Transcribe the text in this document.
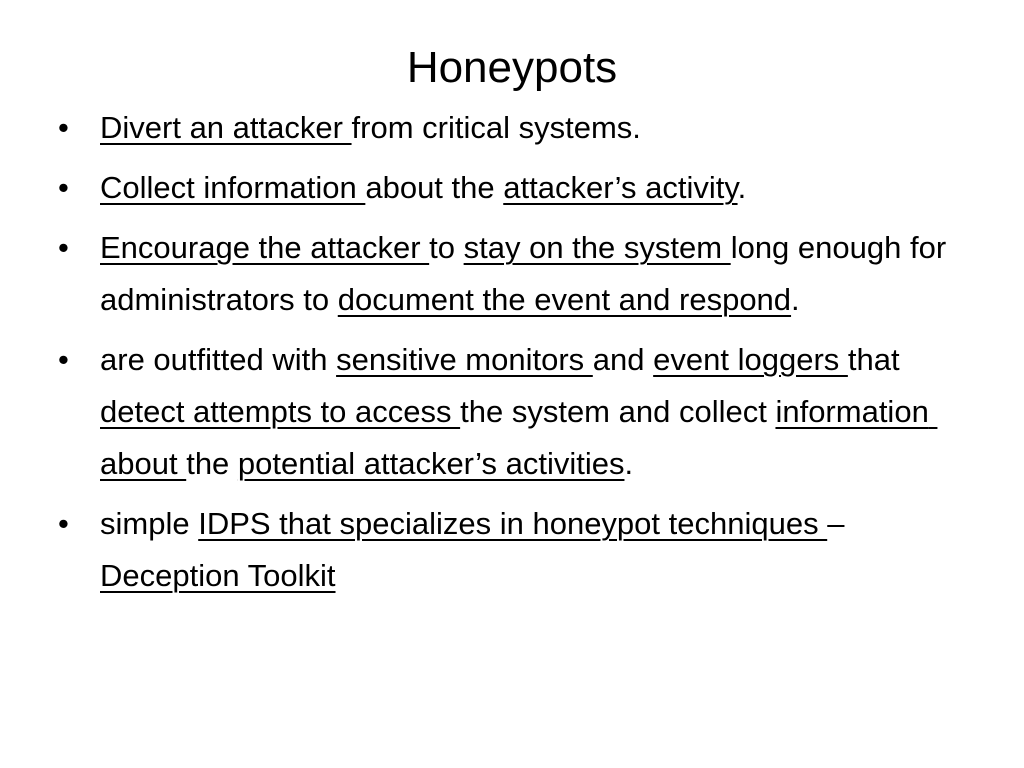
Honeypots
• Divert an attacker from critical systems.
• Collect information about the attacker’s activity.
• Encourage the attacker to stay on the system long enough for administrators to document the event and respond.
• are outfitted with sensitive monitors and event loggers that detect attempts to access the system and collect information about the potential attacker’s activities.
• simple IDPS that specializes in honeypot techniques – Deception Toolkit
